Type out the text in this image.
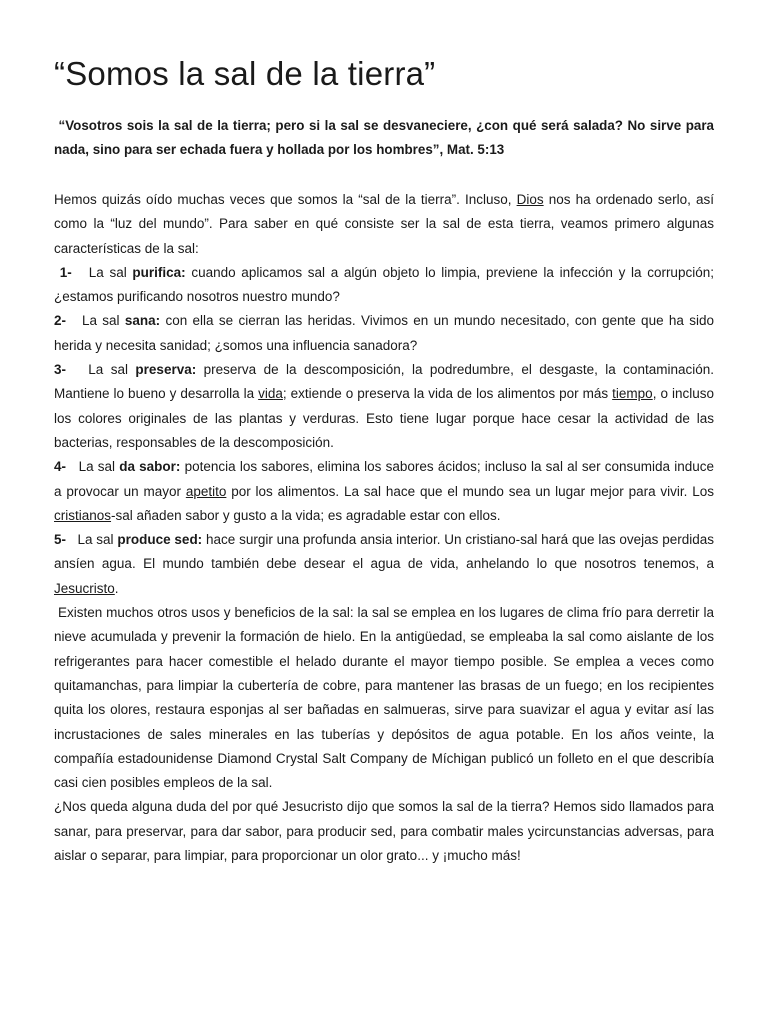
“Somos la sal de la tierra”

“Vosotros sois la sal de la tierra; pero si la sal se desvaneciere, ¿con qué será salada? No sirve para nada, sino para ser echada fuera y hollada por los hombres”, Mat. 5:13

Hemos quizás oído muchas veces que somos la “sal de la tierra”. Incluso, Dios nos ha ordenado serlo, así como la “luz del mundo”. Para saber en qué consiste ser la sal de esta tierra, veamos primero algunas características de la sal:

1- La sal purifica: cuando aplicamos sal a algún objeto lo limpia, previene la infección y la corrupción; ¿estamos purificando nosotros nuestro mundo?

2- La sal sana: con ella se cierran las heridas. Vivimos en un mundo necesitado, con gente que ha sido herida y necesita sanidad; ¿somos una influencia sanadora?

3- La sal preserva: preserva de la descomposición, la podredumbre, el desgaste, la contaminación. Mantiene lo bueno y desarrolla la vida; extiende o preserva la vida de los alimentos por más tiempo, o incluso los colores originales de las plantas y verduras. Esto tiene lugar porque hace cesar la actividad de las bacterias, responsables de la descomposición.

4- La sal da sabor: potencia los sabores, elimina los sabores ácidos; incluso la sal al ser consumida induce a provocar un mayor apetito por los alimentos. La sal hace que el mundo sea un lugar mejor para vivir. Los cristianos-sal añaden sabor y gusto a la vida; es agradable estar con ellos.

5- La sal produce sed: hace surgir una profunda ansia interior. Un cristiano-sal hará que las ovejas perdidas ansíen agua. El mundo también debe desear el agua de vida, anhelando lo que nosotros tenemos, a Jesucristo.

Existen muchos otros usos y beneficios de la sal: la sal se emplea en los lugares de clima frío para derretir la nieve acumulada y prevenir la formación de hielo. En la antigüedad, se empleaba la sal como aislante de los refrigerantes para hacer comestible el helado durante el mayor tiempo posible. Se emplea a veces como quitamanchas, para limpiar la cubertería de cobre, para mantener las brasas de un fuego; en los recipientes quita los olores, restaura esponjas al ser bañadas en salmueras, sirve para suavizar el agua y evitar así las incrustaciones de sales minerales en las tuberías y depósitos de agua potable. En los años veinte, la compañía estadounidense Diamond Crystal Salt Company de Míchigan publicó un folleto en el que describía casi cien posibles empleos de la sal.

¿Nos queda alguna duda del por qué Jesucristo dijo que somos la sal de la tierra? Hemos sido llamados para sanar, para preservar, para dar sabor, para producir sed, para combatir males ycircunstancias adversas, para aislar o separar, para limpiar, para proporcionar un olor grato... y ¡mucho más!
